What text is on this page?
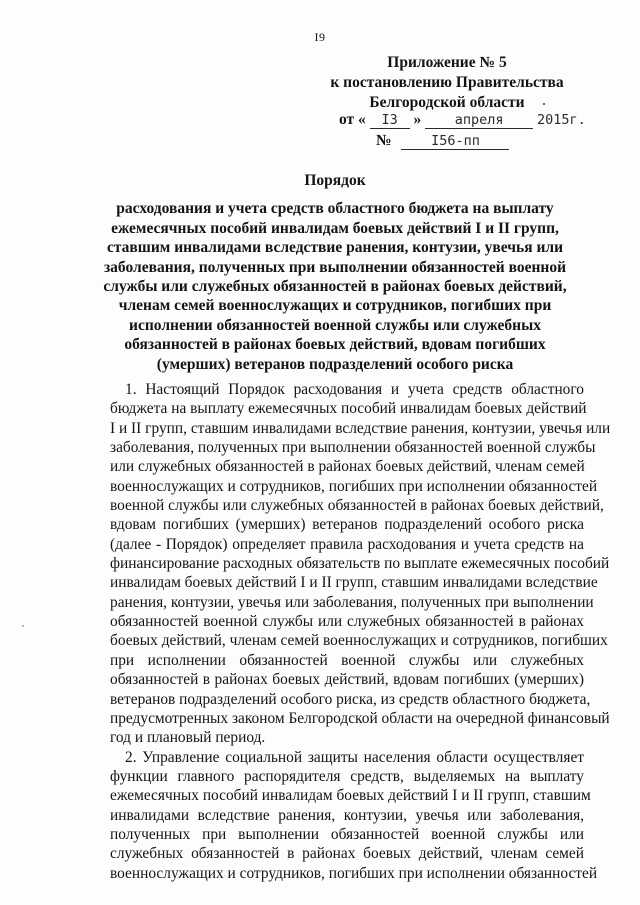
I9
Приложение № 5
к постановлению Правительства
Белгородской области
от « I3 » апреля 2015г.
№	I56-пп
Порядок
расходования и учета средств областного бюджета на выплату
ежемесячных пособий инвалидам боевых действий I и II групп,
ставшим инвалидами вследствие ранения, контузии, увечья или
заболевания, полученных при выполнении обязанностей военной
службы или служебных обязанностей в районах боевых действий,
членам семей военнослужащих и сотрудников, погибших при
исполнении обязанностей военной службы или служебных
обязанностей в районах боевых действий, вдовам погибших
(умерших) ветеранов подразделений особого риска
1. Настоящий Порядок расходования и учета средств областного
бюджета на выплату ежемесячных пособий инвалидам боевых действий
I и II групп, ставшим инвалидами вследствие ранения, контузии, увечья или
заболевания, полученных при выполнении обязанностей военной службы
или служебных обязанностей в районах боевых действий, членам семей
военнослужащих и сотрудников, погибших при исполнении обязанностей
военной службы или служебных обязанностей в районах боевых действий,
вдовам погибших (умерших) ветеранов подразделений особого риска
(далее - Порядок) определяет правила расходования и учета средств на
финансирование расходных обязательств по выплате ежемесячных пособий
инвалидам боевых действий I и II групп, ставшим инвалидами вследствие
ранения, контузии, увечья или заболевания, полученных при выполнении
обязанностей военной службы или служебных обязанностей в районах
боевых действий, членам семей военнослужащих и сотрудников, погибших
при исполнении обязанностей военной службы или служебных
обязанностей в районах боевых действий, вдовам погибших (умерших)
ветеранов подразделений особого риска, из средств областного бюджета,
предусмотренных законом Белгородской области на очередной финансовый
год и плановый период.
2. Управление социальной защиты населения области осуществляет
функции главного распорядителя средств, выделяемых на выплату
ежемесячных пособий инвалидам боевых действий I и II групп, ставшим
инвалидами вследствие ранения, контузии, увечья или заболевания,
полученных при выполнении обязанностей военной службы или
служебных обязанностей в районах боевых действий, членам семей
военнослужащих и сотрудников, погибших при исполнении обязанностей
